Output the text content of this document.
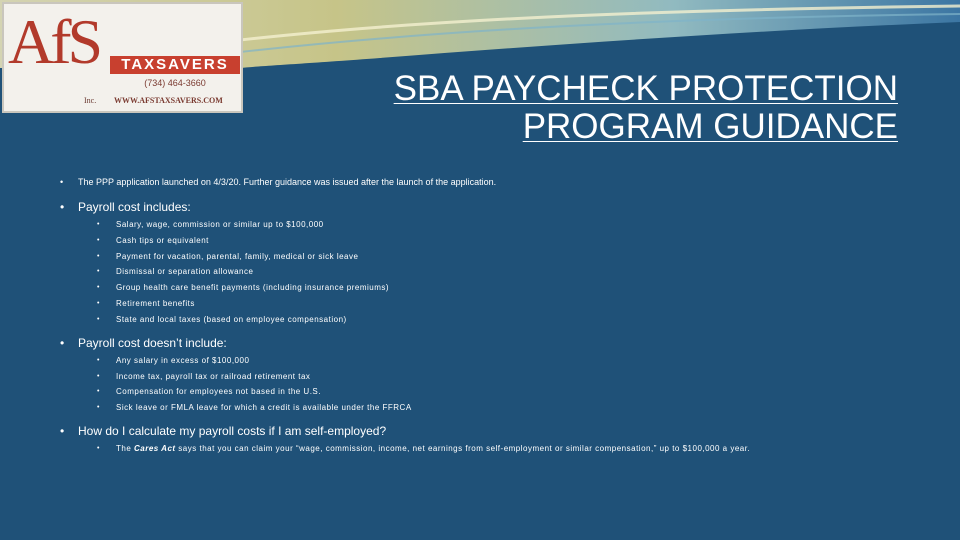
AfS	TAXSAVERS
(734) 464-3660
Inc. WWW.AFSTAXSAVERS.COM	SBA PAYCHECK PROTECTION
PROGRAM GUIDANCE
• The PPP application launched on 4/3/20. Further guidance was issued after the launch of the application.
• Payroll cost includes:
• Salary, wage, commission or similar up to $100,000
• Cash tips or equivalent
• Payment for vacation, parental, family, medical or sick leave
• Dismissal or separation allowance
• Group health care benefit payments (including insurance premiums)
• Retirement benefits
• State and local taxes (based on employee compensation)
• Payroll cost doesn’t include:
• Any salary in excess of $100,000
• Income tax, payroll tax or railroad retirement tax
• Compensation for employees not based in the U.S.
• Sick leave or FMLA leave for which a credit is available under the FFRCA
• How do I calculate my payroll costs if I am self-employed?
• The Cares Act says that you can claim your “wage, commission, income, net earnings from self-employment or similar compensation,” up to $100,000 a year.
